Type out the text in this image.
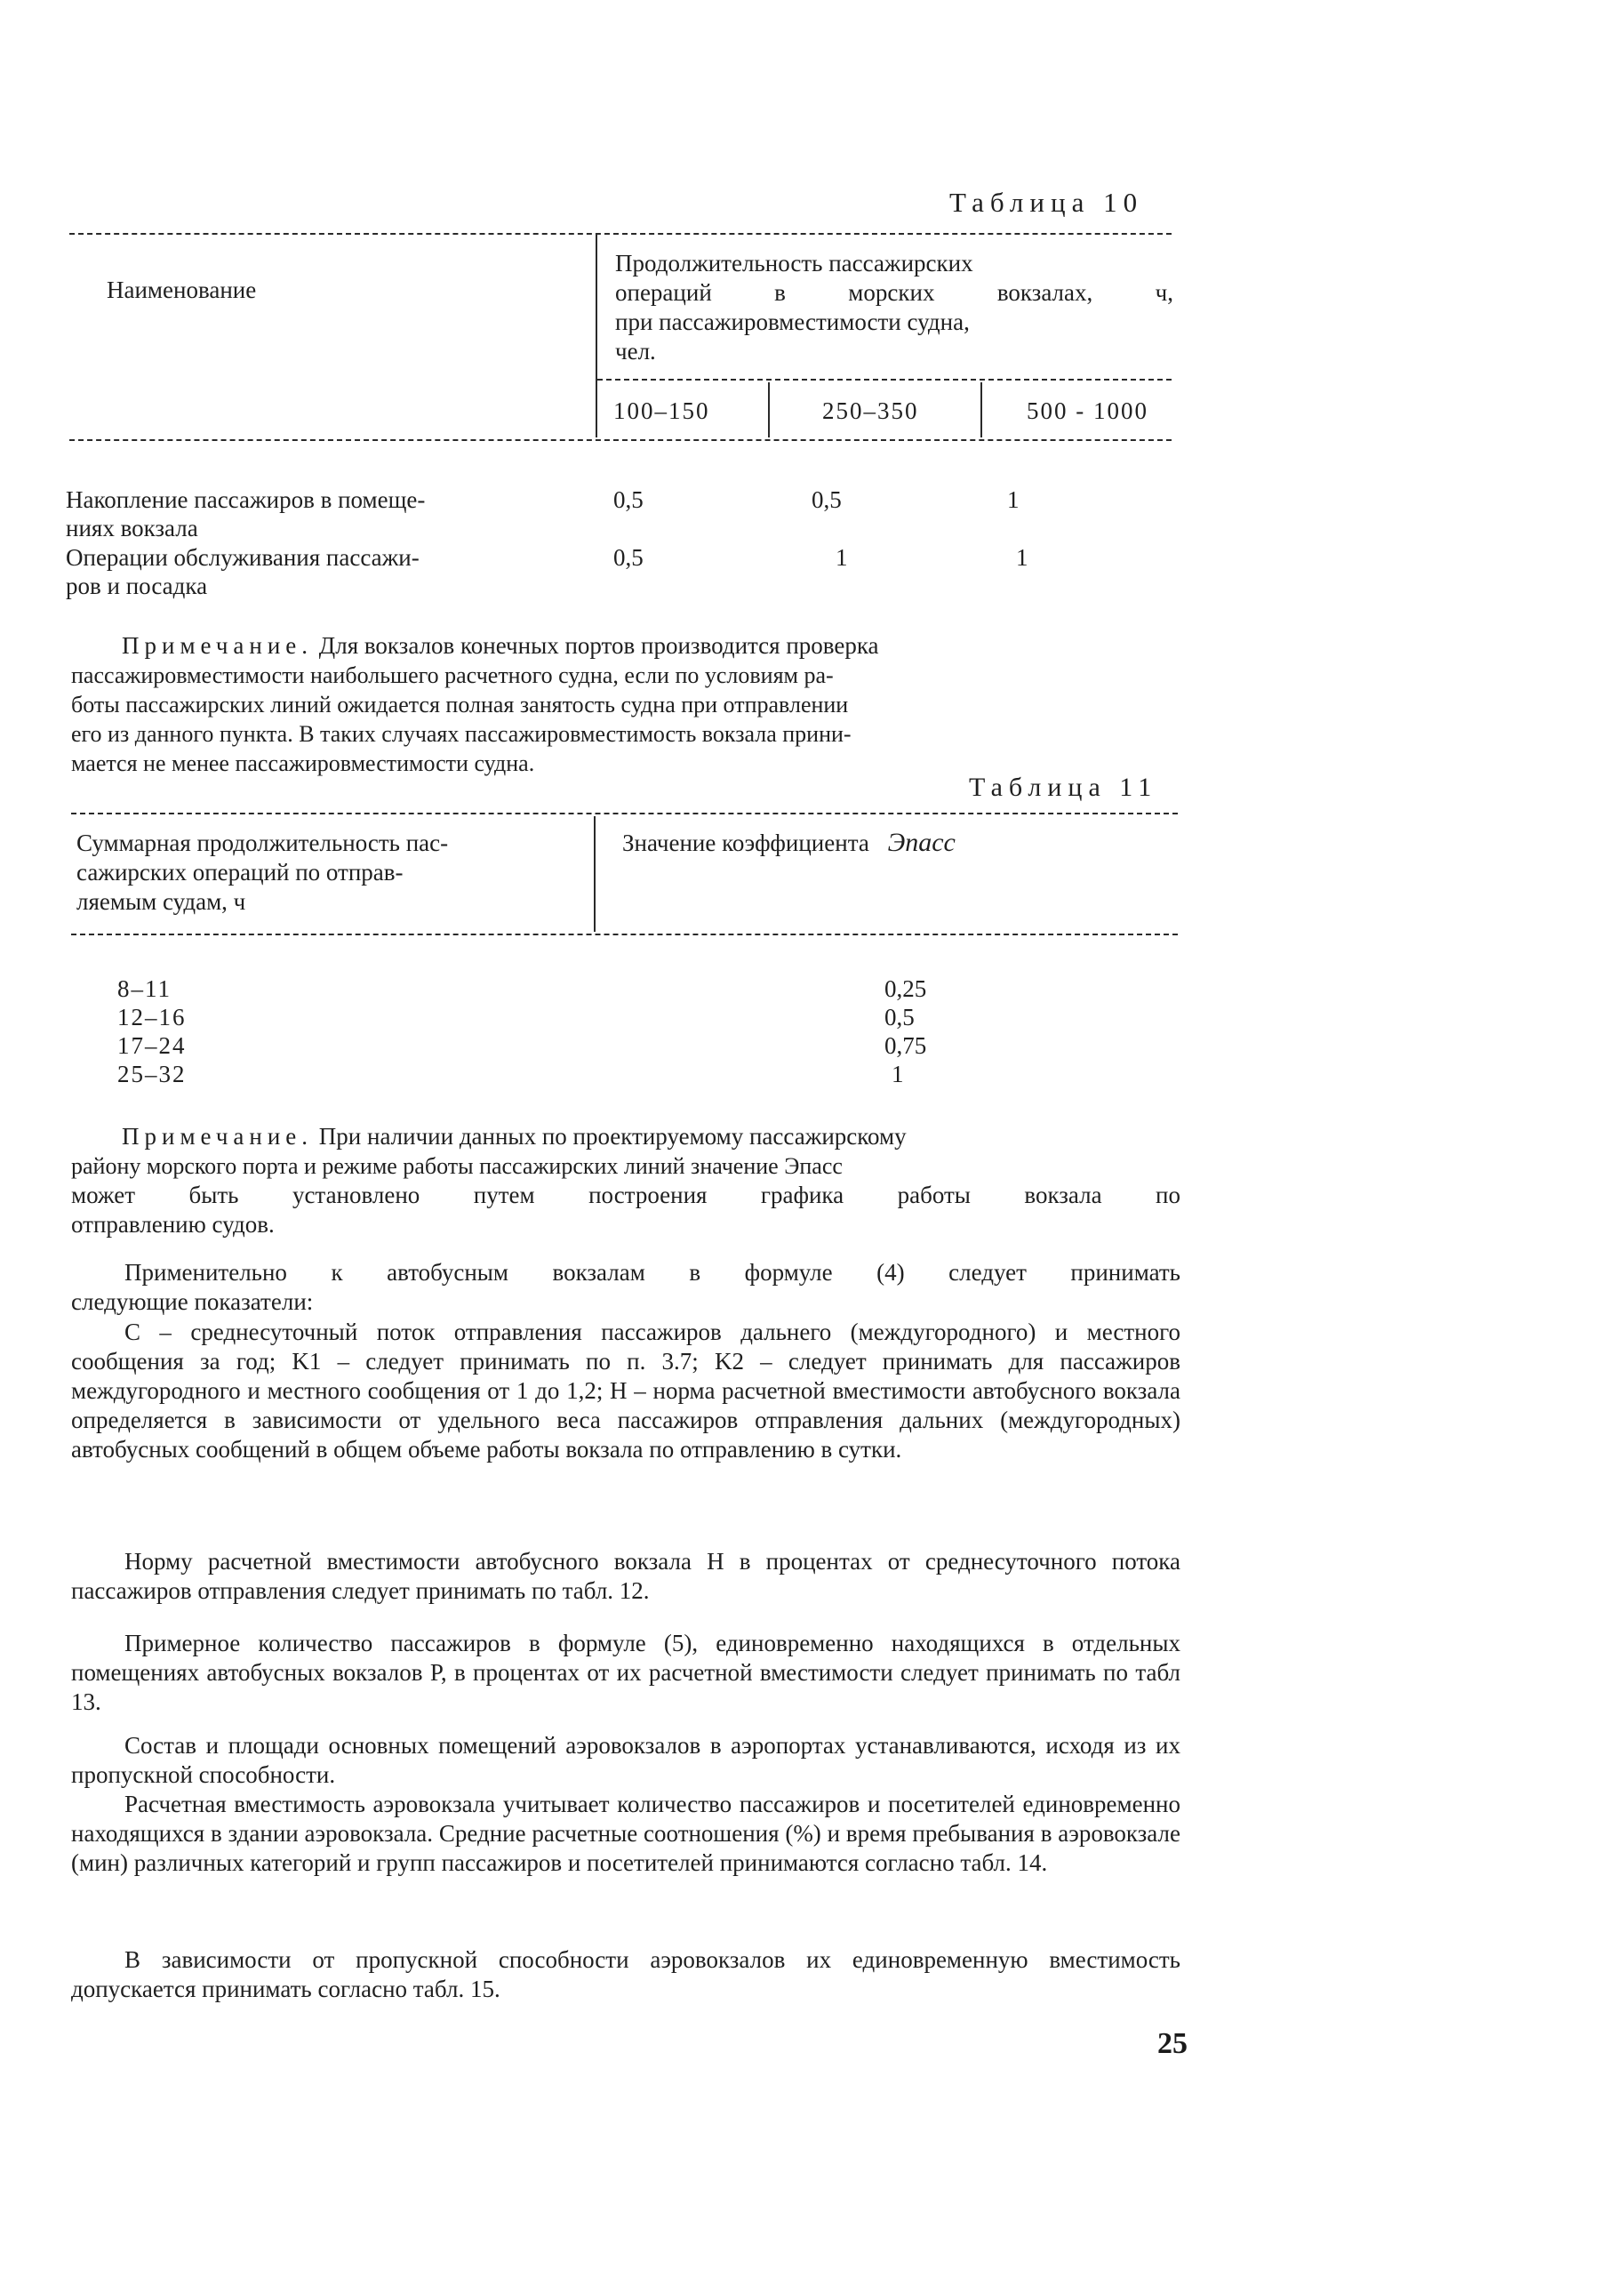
Таблица 10
Наименование
Продолжительность пассажирских
операций в морских вокзалах, ч,
при пассажировместимости судна,
чел.
100–150	250–350	500 - 1000
Накопление пассажиров в помеще-
ниях вокзала
0,5	0,5	1
Операции обслуживания пассажи-
ров и посадка
0,5	1	1
Примечание. Для вокзалов конечных портов производится проверка
пассажировместимости наибольшего расчетного судна, если по условиям ра-
боты пассажирских линий ожидается полная занятость судна при отправлении
его из данного пункта. В таких случаях пассажировместимость вокзала прини-
мается не менее пассажировместимости судна.
Таблица 11
Суммарная продолжительность пас-
сажирских операций по отправ-
ляемым судам, ч
Значение коэффициента Эпасс
8–11	0,25
12–16	0,5
17–24	0,75
25–32	1
Примечание. При наличии данных по проектируемому пассажирскому
району морского порта и режиме работы пассажирских линий значение Эпасс
может быть установлено путем построения графика работы вокзала по
отправлению судов.
Применительно к автобусным вокзалам в формуле (4) следует принимать
следующие показатели:
C – среднесуточный поток отправления пассажиров дальнего (междугородного) и местного сообщения за год; K1 – следует принимать по п. 3.7; K2 – следует принимать для пассажиров междугородного и местного сообщения от 1 до 1,2; H – норма расчетной вместимости автобусного вокзала определяется в зависимости от удельного веса пассажиров отправления дальних (междугородных) автобусных сообщений в общем объеме работы вокзала по отправлению в сутки.
Норму расчетной вместимости автобусного вокзала H в процентах от среднесуточного потока пассажиров отправления следует принимать по табл. 12.
Примерное количество пассажиров в формуле (5), единовременно находящихся в отдельных помещениях автобусных вокзалов P, в процентах от их расчетной вместимости следует принимать по табл 13.
Состав и площади основных помещений аэровокзалов в аэропортах устанавливаются, исходя из их пропускной способности.
Расчетная вместимость аэровокзала учитывает количество пассажиров и посетителей единовременно находящихся в здании аэровокзала. Средние расчетные соотношения (%) и время пребывания в аэровокзале (мин) различных категорий и групп пассажиров и посетителей принимаются согласно табл. 14.
В зависимости от пропускной способности аэровокзалов их единовременную вместимость допускается принимать согласно табл. 15.
25
